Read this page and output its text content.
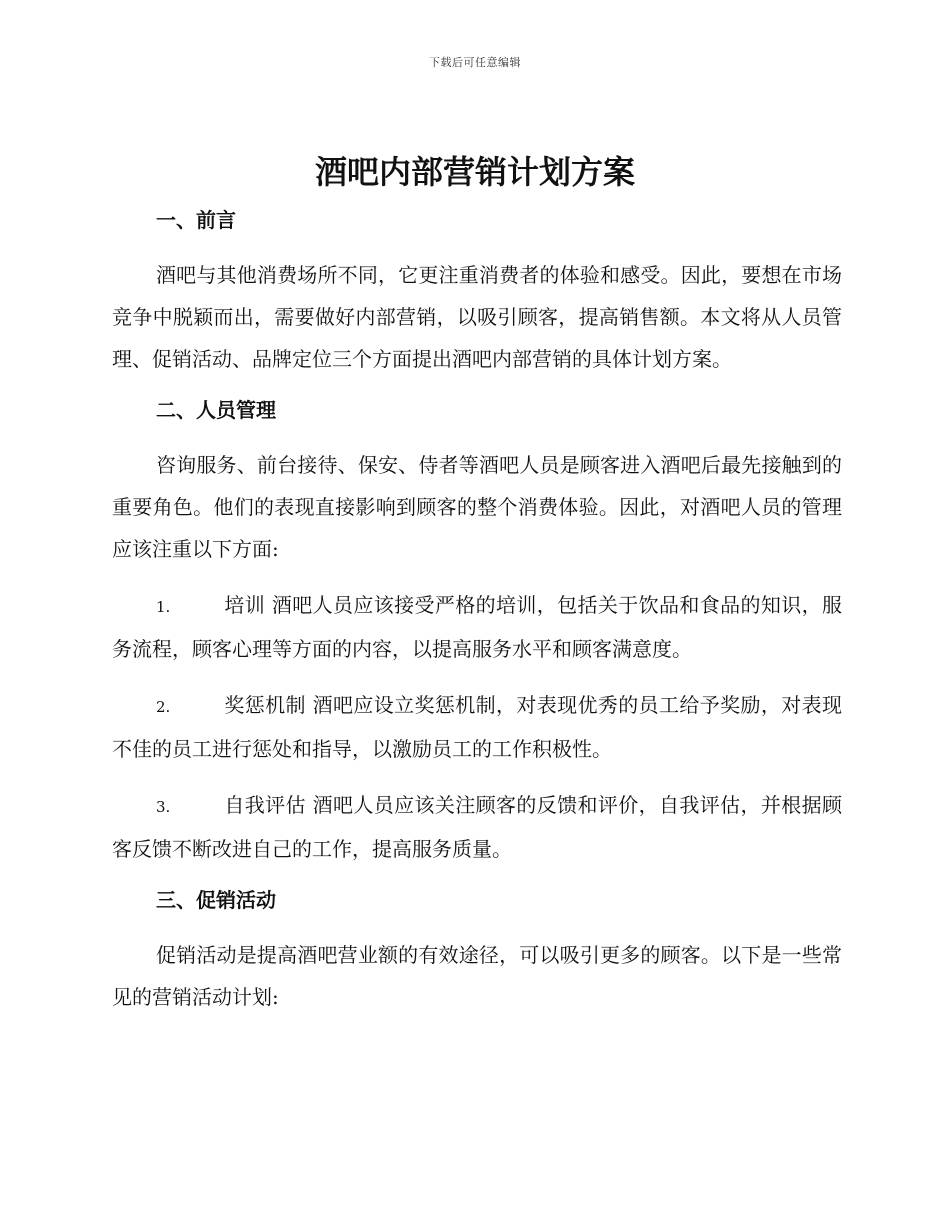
下载后可任意编辑
酒吧内部营销计划方案
一、前言

酒吧与其他消费场所不同，它更注重消费者的体验和感受。因此，要想在市场竞争中脱颖而出，需要做好内部营销，以吸引顾客，提高销售额。本文将从人员管理、促销活动、品牌定位三个方面提出酒吧内部营销的具体计划方案。

二、人员管理

咨询服务、前台接待、保安、侍者等酒吧人员是顾客进入酒吧后最先接触到的重要角色。他们的表现直接影响到顾客的整个消费体验。因此，对酒吧人员的管理应该注重以下方面:

1.	培训 酒吧人员应该接受严格的培训，包括关于饮品和食品的知识，服务流程，顾客心理等方面的内容，以提高服务水平和顾客满意度。

2.	奖惩机制 酒吧应设立奖惩机制，对表现优秀的员工给予奖励，对表现不佳的员工进行惩处和指导，以激励员工的工作积极性。

3.	自我评估 酒吧人员应该关注顾客的反馈和评价，自我评估，并根据顾客反馈不断改进自己的工作，提高服务质量。

三、促销活动

促销活动是提高酒吧营业额的有效途径，可以吸引更多的顾客。以下是一些常见的营销活动计划:
